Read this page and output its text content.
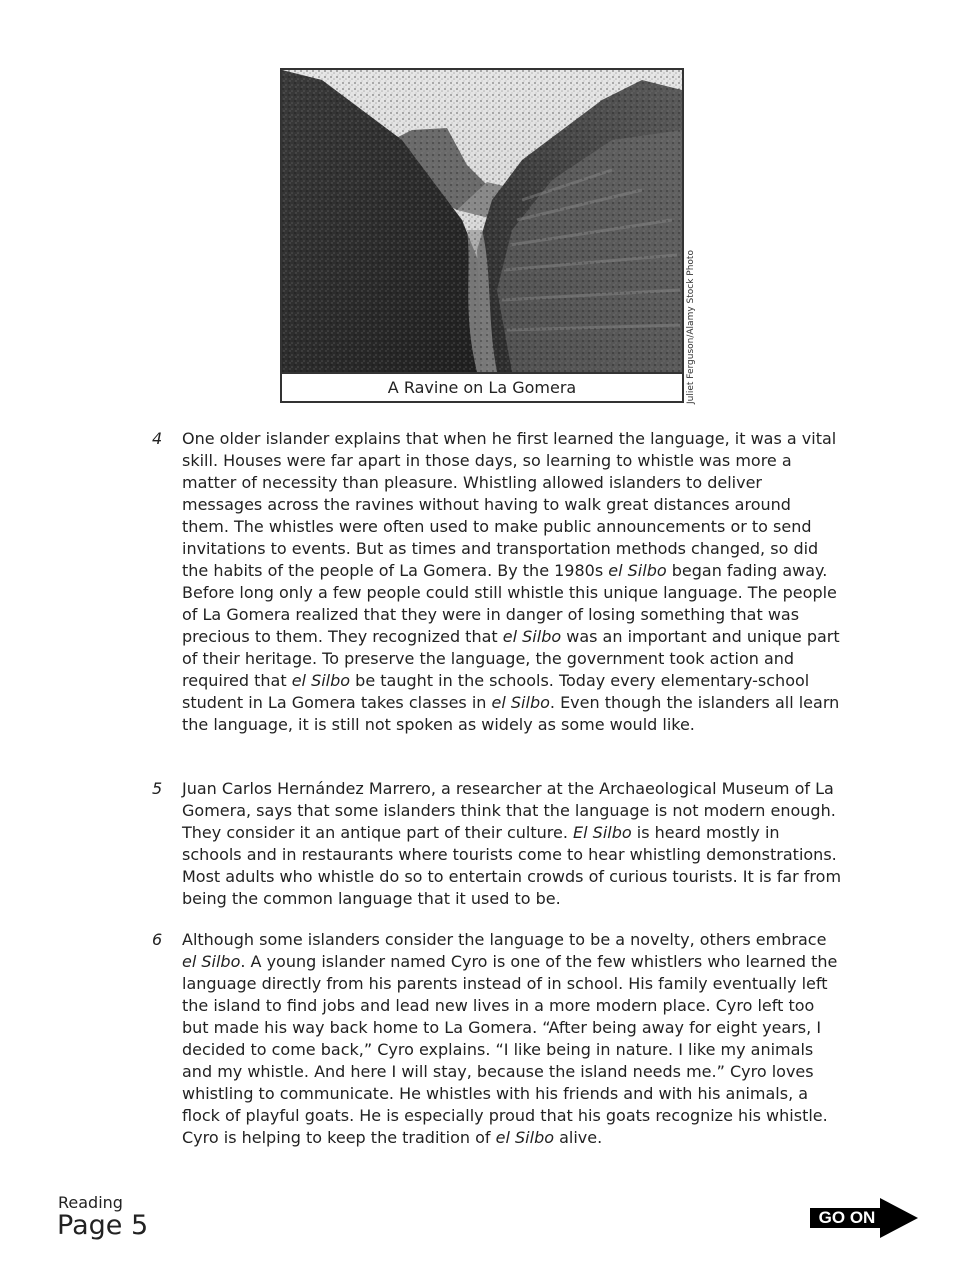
A Ravine on La Gomera	Juliet Ferguson/Alamy Stock Photo
4 One older islander explains that when he first learned the language, it was a vital skill. Houses were far apart in those days, so learning to whistle was more a matter of necessity than pleasure. Whistling allowed islanders to deliver messages across the ravines without having to walk great distances around them. The whistles were often used to make public announcements or to send invitations to events. But as times and transportation methods changed, so did the habits of the people of La Gomera. By the 1980s el Silbo began fading away. Before long only a few people could still whistle this unique language. The people of La Gomera realized that they were in danger of losing something that was precious to them. They recognized that el Silbo was an important and unique part of their heritage. To preserve the language, the government took action and required that el Silbo be taught in the schools. Today every elementary-school student in La Gomera takes classes in el Silbo. Even though the islanders all learn the language, it is still not spoken as widely as some would like.
5 Juan Carlos Hernández Marrero, a researcher at the Archaeological Museum of La Gomera, says that some islanders think that the language is not modern enough. They consider it an antique part of their culture. El Silbo is heard mostly in schools and in restaurants where tourists come to hear whistling demonstrations. Most adults who whistle do so to entertain crowds of curious tourists. It is far from being the common language that it used to be.
6 Although some islanders consider the language to be a novelty, others embrace el Silbo. A young islander named Cyro is one of the few whistlers who learned the language directly from his parents instead of in school. His family eventually left the island to find jobs and lead new lives in a more modern place. Cyro left too but made his way back home to La Gomera. “After being away for eight years, I decided to come back,” Cyro explains. “I like being in nature. I like my animals and my whistle. And here I will stay, because the island needs me.” Cyro loves whistling to communicate. He whistles with his friends and with his animals, a flock of playful goats. He is especially proud that his goats recognize his whistle. Cyro is helping to keep the tradition of el Silbo alive.
Reading
Page 5	GO ON
